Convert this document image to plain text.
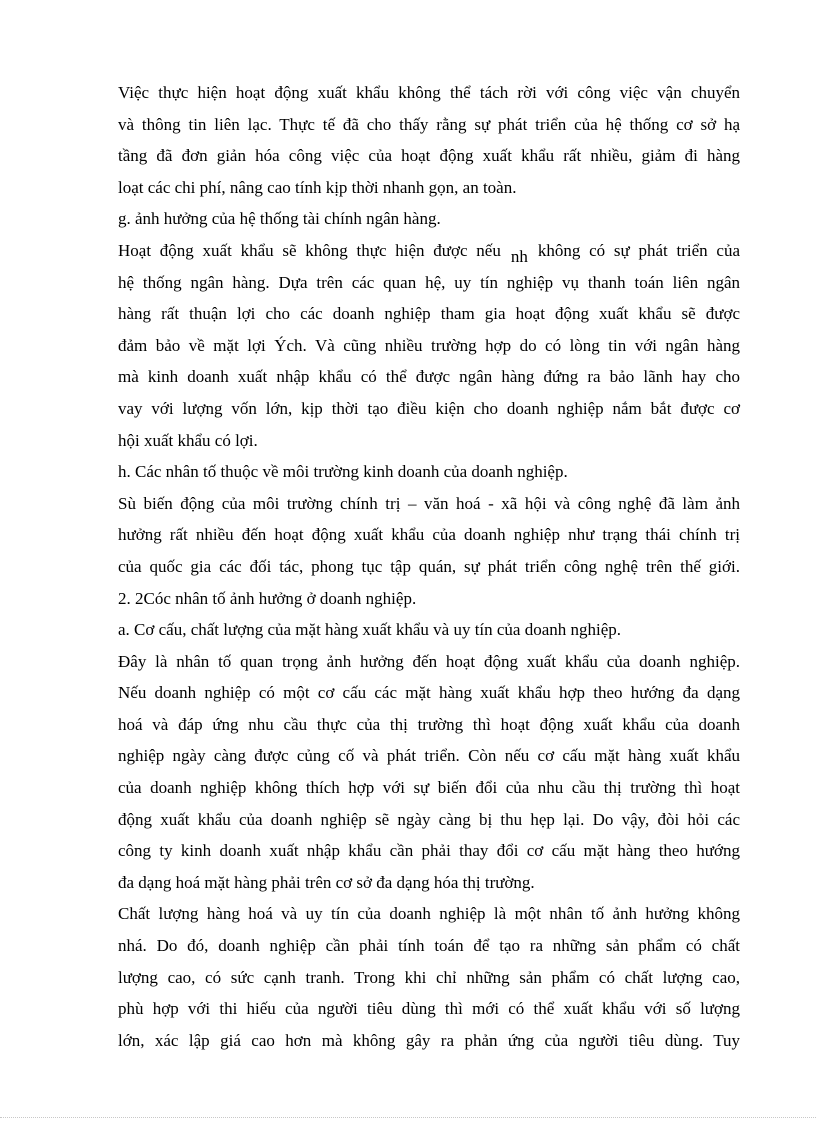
Việc thực hiện hoạt động xuất khẩu không thể tách rời với công việc vận chuyển
và thông tin liên lạc. Thực tế đã cho thấy rằng sự phát triển của hệ thống cơ sở hạ
tầng đã đơn giản hóa công việc của hoạt động xuất khẩu rất nhiều, giảm đi hàng
loạt các chi phí, nâng cao tính kịp thời nhanh gọn, an toàn.
g. ảnh hưởng của hệ thống tài chính ngân hàng.
Hoạt động xuất khẩu sẽ không thực hiện được nếu nh không có sự phát triển của
hệ thống ngân hàng. Dựa trên các quan hệ, uy tín nghiệp vụ thanh toán liên ngân
hàng rất thuận lợi cho các doanh nghiệp tham gia hoạt động xuất khẩu sẽ được
đảm bảo về mặt lợi Ých. Và cũng nhiều trường hợp do có lòng tin với ngân hàng
mà kinh doanh xuất nhập khẩu có thể được ngân hàng đứng ra bảo lãnh hay cho
vay với lượng vốn lớn, kịp thời tạo điều kiện cho doanh nghiệp nắm bắt được cơ
hội xuất khẩu có lợi.
h. Các nhân tố thuộc về môi trường kinh doanh của doanh nghiệp.
Sù biến động của môi trường chính trị – văn hoá - xã hội và công nghệ đã làm ảnh
hưởng rất nhiều đến hoạt động xuất khẩu của doanh nghiệp như trạng thái chính trị
của quốc gia các đối tác, phong tục tập quán, sự phát triển công nghệ trên thế giới.
2. 2Cóc nhân tố ảnh hưởng ở doanh nghiệp.
a. Cơ cấu, chất lượng của mặt hàng xuất khẩu và uy tín của doanh nghiệp.
Đây là nhân tố quan trọng ảnh hưởng đến hoạt động xuất khẩu của doanh nghiệp.
Nếu doanh nghiệp có một cơ cấu các mặt hàng xuất khẩu hợp theo hướng đa dạng
hoá và đáp ứng nhu cầu thực của thị trường thì hoạt động xuất khẩu của doanh
nghiệp ngày càng được củng cố và phát triển. Còn nếu cơ cấu mặt hàng xuất khẩu
của doanh nghiệp không thích hợp với sự biến đổi của nhu cầu thị trường thì hoạt
động xuất khẩu của doanh nghiệp sẽ ngày càng bị thu hẹp lại. Do vậy, đòi hỏi các
công ty kinh doanh xuất nhập khẩu cần phải thay đổi cơ cấu mặt hàng theo hướng
đa dạng hoá mặt hàng phải trên cơ sở đa dạng hóa thị trường.
Chất lượng hàng hoá và uy tín của doanh nghiệp là một nhân tố ảnh hưởng không
nhá. Do đó, doanh nghiệp cần phải tính toán để tạo ra những sản phẩm có chất
lượng cao, có sức cạnh tranh. Trong khi chỉ những sản phẩm có chất lượng cao,
phù hợp với thi hiếu của người tiêu dùng thì mới có thể xuất khẩu với số lượng
lớn, xác lập giá cao hơn mà không gây ra phản ứng của người tiêu dùng. Tuy
